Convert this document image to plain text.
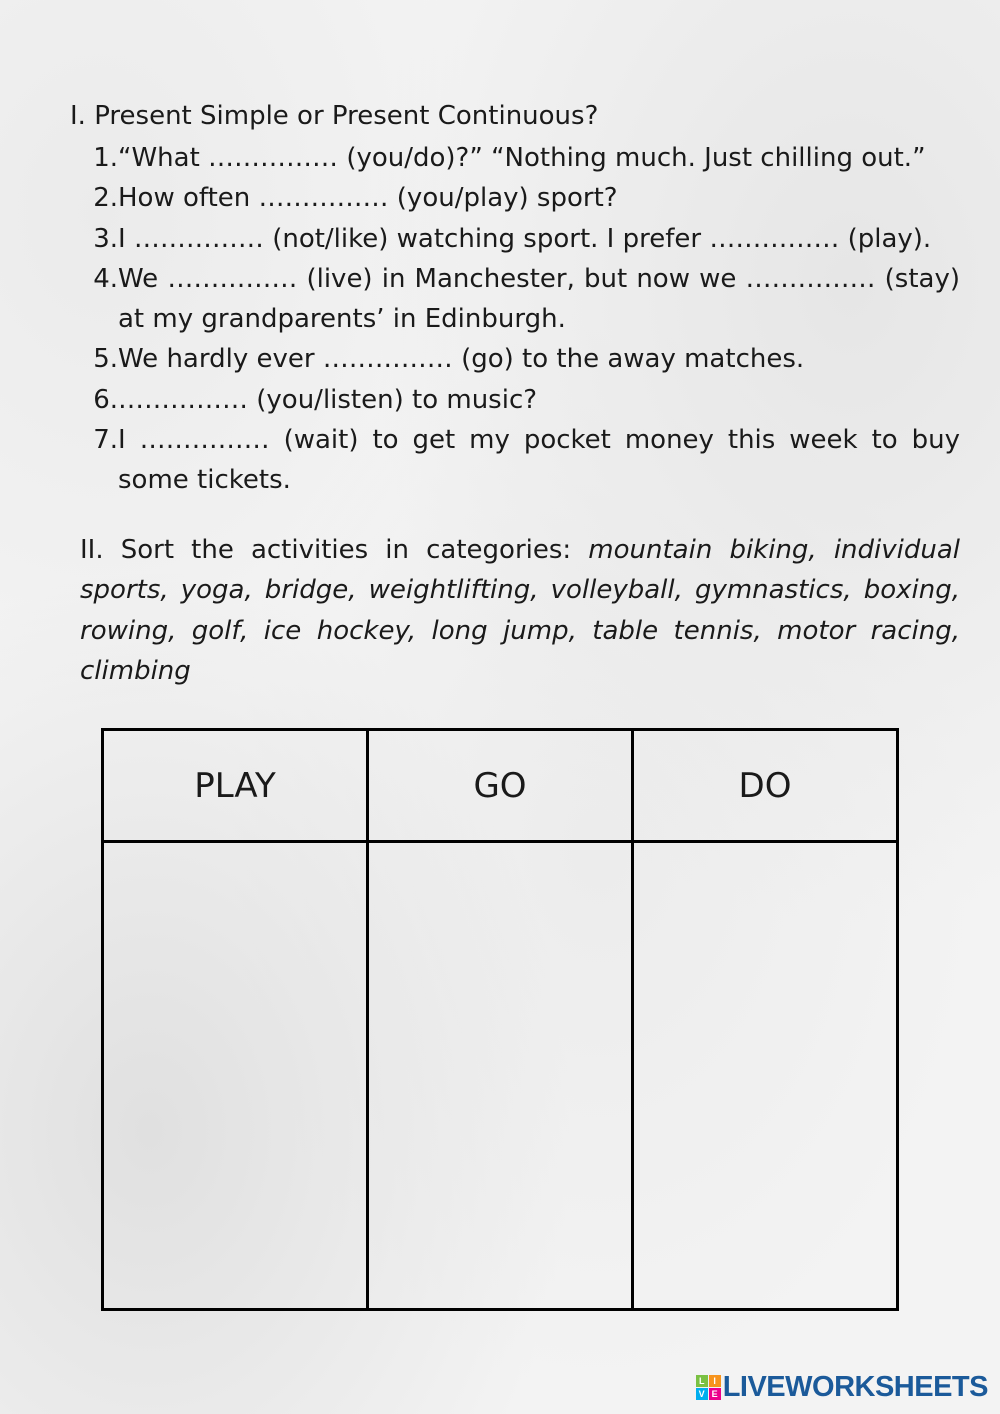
I. Present Simple or Present Continuous?
1. “What …………… (you/do)?” “Nothing much. Just chilling out.”
2. How often …………… (you/play) sport?
3. I …………… (not/like) watching sport. I prefer …………… (play).
4. We …………… (live) in Manchester, but now we …………… (stay) at my grandparents’ in Edinburgh.
5. We hardly ever …………… (go) to the away matches.
6. …………… (you/listen) to music?
7. I …………… (wait) to get my pocket money this week to buy some tickets.
II. Sort the activities in categories: mountain biking, individual sports, yoga, bridge, weightlifting, volleyball, gymnastics, boxing, rowing, golf, ice hockey, long jump, table tennis, motor racing, climbing
PLAY	GO	DO

L I
V E LIVEWORKSHEETS
